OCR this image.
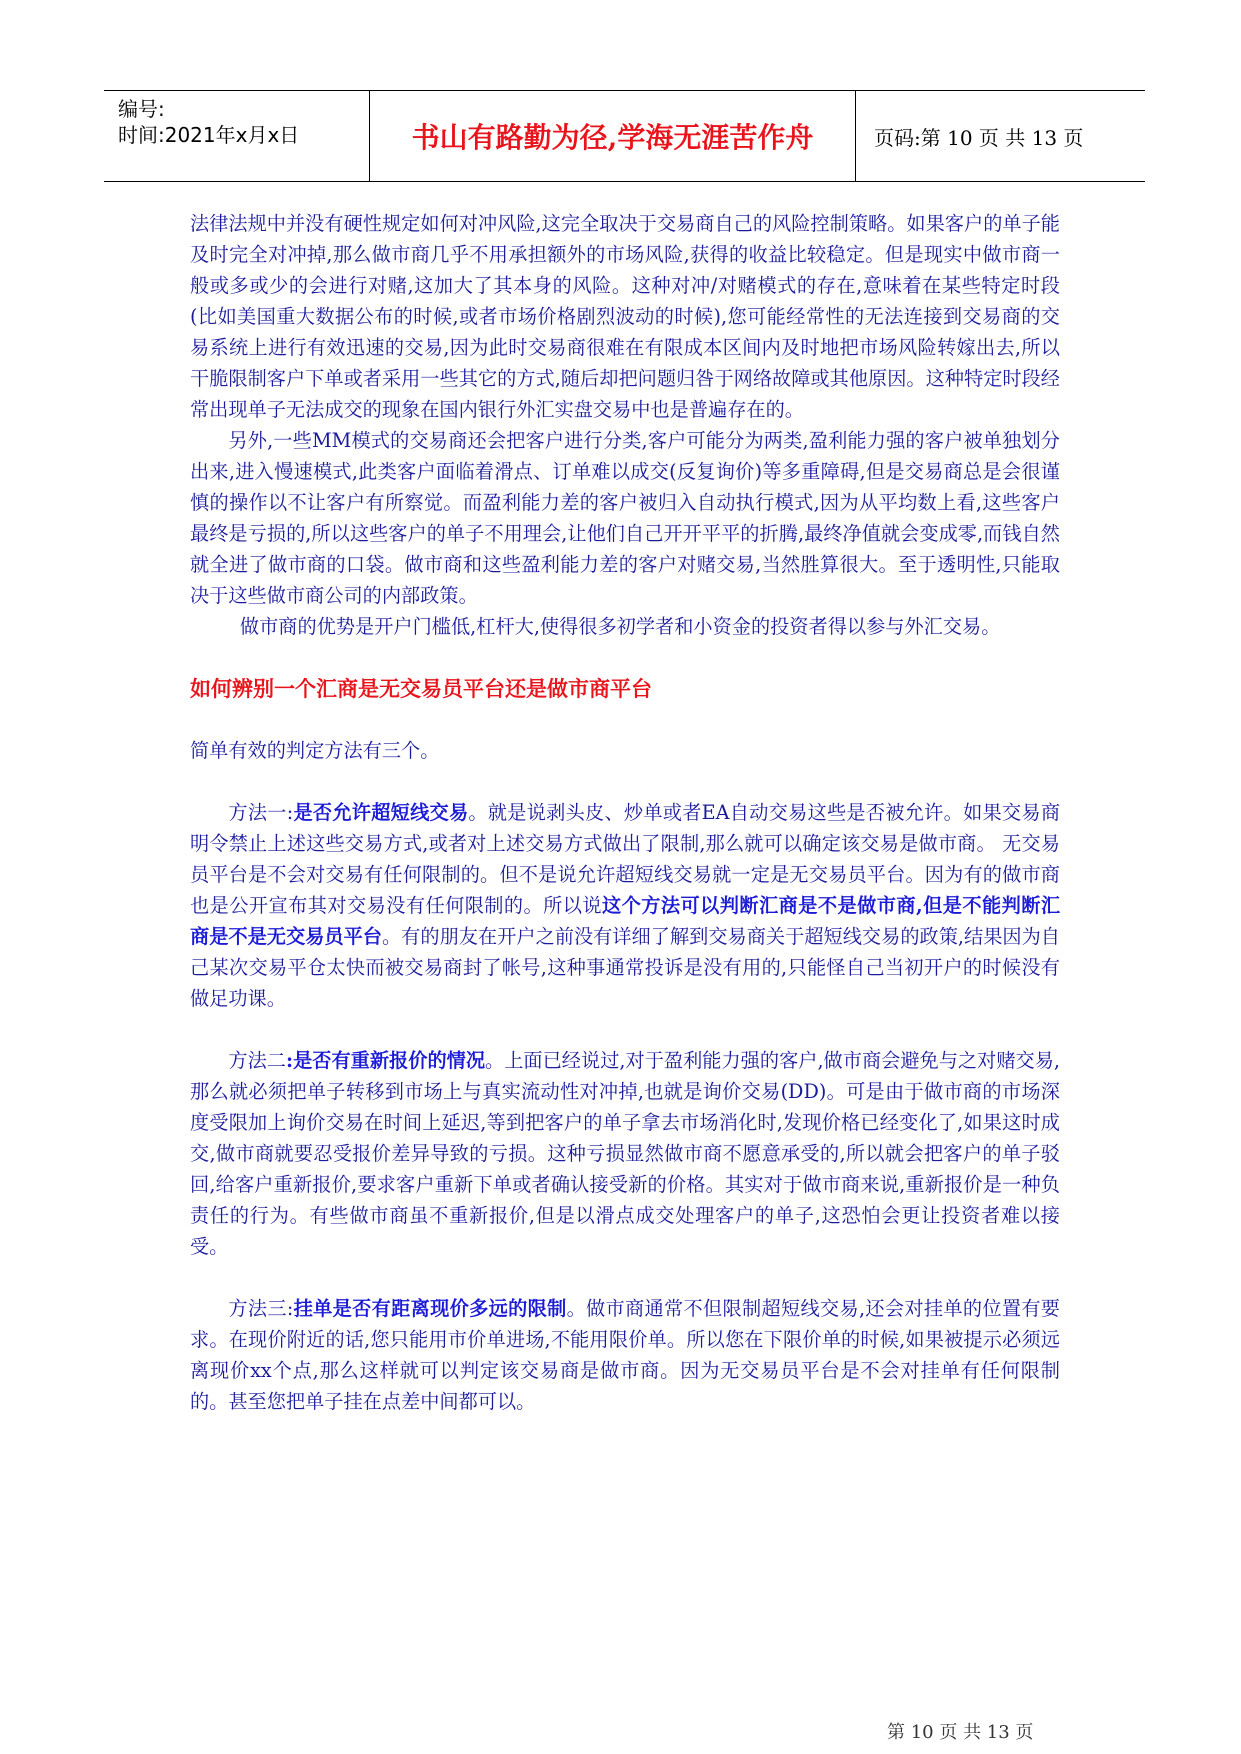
编号:
时间:2021年x月x日	书山有路勤为径,学海无涯苦作舟	页码:第 10 页 共 13 页

法律法规中并没有硬性规定如何对冲风险,这完全取决于交易商自己的风险控制策略。如果客户的单子能及时完全对冲掉,那么做市商几乎不用承担额外的市场风险,获得的收益比较稳定。但是现实中做市商一般或多或少的会进行对赌,这加大了其本身的风险。这种对冲/对赌模式的存在,意味着在某些特定时段(比如美国重大数据公布的时候,或者市场价格剧烈波动的时候),您可能经常性的无法连接到交易商的交易系统上进行有效迅速的交易,因为此时交易商很难在有限成本区间内及时地把市场风险转嫁出去,所以干脆限制客户下单或者采用一些其它的方式,随后却把问题归咎于网络故障或其他原因。这种特定时段经常出现单子无法成交的现象在国内银行外汇实盘交易中也是普遍存在的。

另外,一些MM模式的交易商还会把客户进行分类,客户可能分为两类,盈利能力强的客户被单独划分出来,进入慢速模式,此类客户面临着滑点、订单难以成交(反复询价)等多重障碍,但是交易商总是会很谨慎的操作以不让客户有所察觉。而盈利能力差的客户被归入自动执行模式,因为从平均数上看,这些客户最终是亏损的,所以这些客户的单子不用理会,让他们自己开开平平的折腾,最终净值就会变成零,而钱自然就全进了做市商的口袋。做市商和这些盈利能力差的客户对赌交易,当然胜算很大。至于透明性,只能取决于这些做市商公司的内部政策。

做市商的优势是开户门槛低,杠杆大,使得很多初学者和小资金的投资者得以参与外汇交易。

如何辨别一个汇商是无交易员平台还是做市商平台

简单有效的判定方法有三个。

方法一:是否允许超短线交易。就是说剥头皮、炒单或者EA自动交易这些是否被允许。如果交易商明令禁止上述这些交易方式,或者对上述交易方式做出了限制,那么就可以确定该交易是做市商。 无交易员平台是不会对交易有任何限制的。但不是说允许超短线交易就一定是无交易员平台。因为有的做市商也是公开宣布其对交易没有任何限制的。所以说这个方法可以判断汇商是不是做市商,但是不能判断汇商是不是无交易员平台。有的朋友在开户之前没有详细了解到交易商关于超短线交易的政策,结果因为自己某次交易平仓太快而被交易商封了帐号,这种事通常投诉是没有用的,只能怪自己当初开户的时候没有做足功课。

方法二:是否有重新报价的情况。上面已经说过,对于盈利能力强的客户,做市商会避免与之对赌交易,那么就必须把单子转移到市场上与真实流动性对冲掉,也就是询价交易(DD)。可是由于做市商的市场深度受限加上询价交易在时间上延迟,等到把客户的单子拿去市场消化时,发现价格已经变化了,如果这时成交,做市商就要忍受报价差异导致的亏损。这种亏损显然做市商不愿意承受的,所以就会把客户的单子驳回,给客户重新报价,要求客户重新下单或者确认接受新的价格。其实对于做市商来说,重新报价是一种负责任的行为。有些做市商虽不重新报价,但是以滑点成交处理客户的单子,这恐怕会更让投资者难以接受。

方法三:挂单是否有距离现价多远的限制。做市商通常不但限制超短线交易,还会对挂单的位置有要求。在现价附近的话,您只能用市价单进场,不能用限价单。所以您在下限价单的时候,如果被提示必须远离现价xx个点,那么这样就可以判定该交易商是做市商。因为无交易员平台是不会对挂单有任何限制的。甚至您把单子挂在点差中间都可以。

第 10 页 共 13 页
